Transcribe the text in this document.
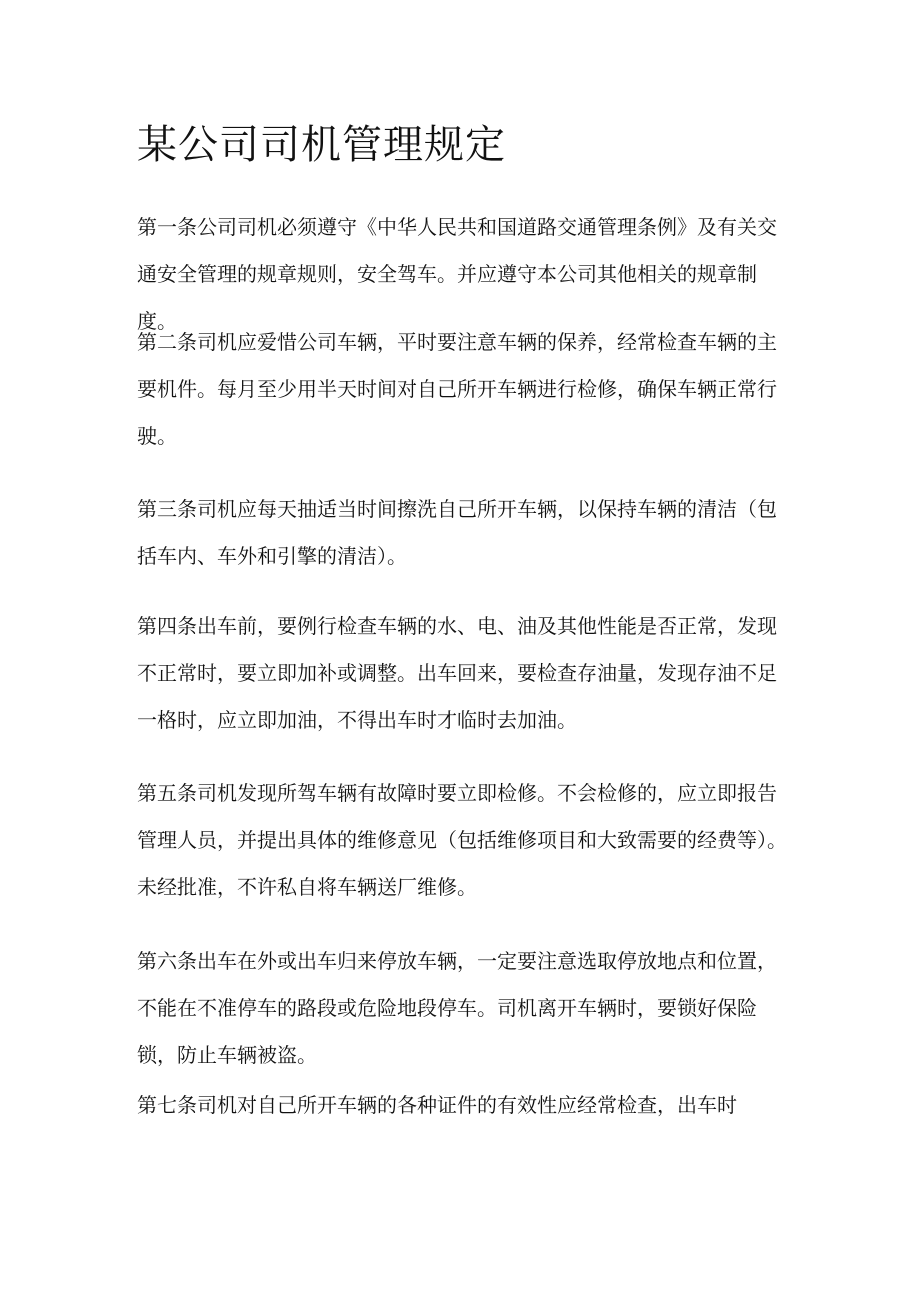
某公司司机管理规定

第一条公司司机必须遵守《中华人民共和国道路交通管理条例》及有关交通安全管理的规章规则，安全驾车。并应遵守本公司其他相关的规章制度。

第二条司机应爱惜公司车辆，平时要注意车辆的保养，经常检查车辆的主要机件。每月至少用半天时间对自己所开车辆进行检修，确保车辆正常行驶。

第三条司机应每天抽适当时间擦洗自己所开车辆，以保持车辆的清洁（包括车内、车外和引擎的清洁）。

第四条出车前，要例行检查车辆的水、电、油及其他性能是否正常，发现不正常时，要立即加补或调整。出车回来，要检查存油量，发现存油不足一格时，应立即加油，不得出车时才临时去加油。

第五条司机发现所驾车辆有故障时要立即检修。不会检修的，应立即报告管理人员，并提出具体的维修意见（包括维修项目和大致需要的经费等）。未经批准，不许私自将车辆送厂维修。

第六条出车在外或出车归来停放车辆，一定要注意选取停放地点和位置，不能在不准停车的路段或危险地段停车。司机离开车辆时，要锁好保险锁，防止车辆被盗。

第七条司机对自己所开车辆的各种证件的有效性应经常检查，出车时
